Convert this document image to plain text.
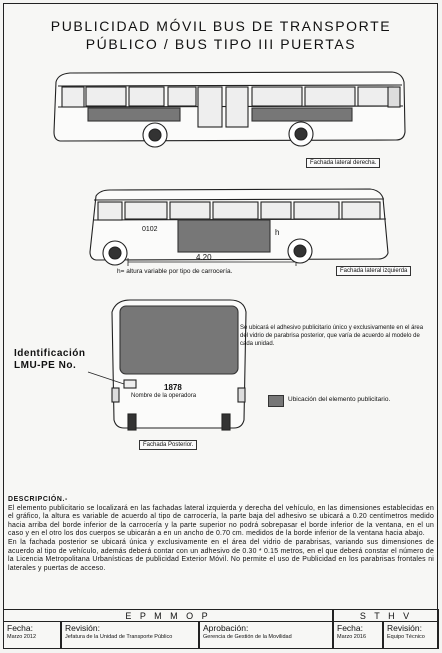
PUBLICIDAD MÓVIL BUS DE TRANSPORTE
PÚBLICO / BUS TIPO III PUERTAS
Fachada lateral derecha.
Fachada lateral izquierda
0102	h
4.20
h= altura variable por tipo de carrocería.
Se ubicará el adhesivo publicitario único y exclusivamente en el área del vidrio de parabrisa posterior, que varía de acuerdo al modelo de cada unidad.
Identificación LMU-PE No.
1878
Nombre de la operadora
Fachada Posterior.
Ubicación del elemento publicitario.
DESCRIPCIÓN.-

El elemento publicitario se localizará en las fachadas lateral izquierda y derecha del vehículo, en las dimensiones establecidas en el gráfico, la altura es variable de acuerdo al tipo de carrocería, la parte baja del adhesivo se ubicará a 0.20 centímetros medido hacia arriba del borde inferior de la carrocería y la parte superior no podrá sobrepasar el borde inferior de la ventana, en el un caso y en el otro los dos cuerpos se ubicarán a en un ancho de 0.70 cm. medidos de la borde inferior de la ventana hacia abajo.

En la fachada posterior se ubicará única y exclusivamente en el área del vidrio de parabrisas, variando sus dimensiones de acuerdo al tipo de vehículo, además deberá contar con un adhesivo de 0.30 * 0.15 metros, en el que deberá constar el número de la Licencia Metropolitana Urbanísticas de publicidad Exterior Móvil. No permite el uso de Publicidad en los parabrisas frontales ni laterales y puertas de acceso.

E P M M O P	S T H V
Fecha:
Marzo 2012
Revisión:
Jefatura de la Unidad de Transporte Público
Aprobación:
Gerencia de Gestión de la Movilidad
Fecha:
Marzo 2016
Revisión:
Equipo Técnico
